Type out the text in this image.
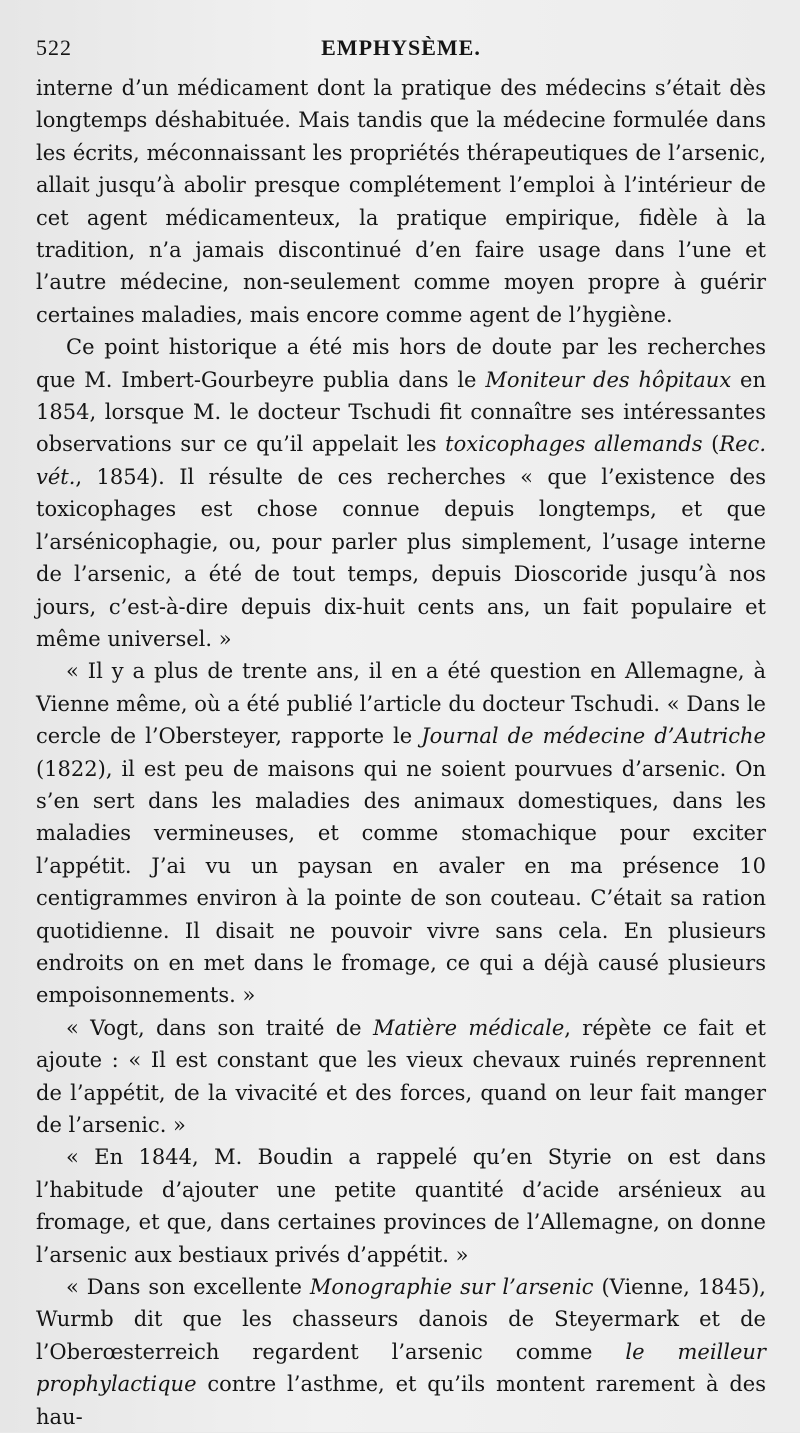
522	EMPHYSÈME.

interne d’un médicament dont la pratique des médecins s’était dès longtemps déshabituée. Mais tandis que la médecine formulée dans les écrits, méconnaissant les propriétés thérapeutiques de l’arsenic, allait jusqu’à abolir presque complétement l’emploi à l’intérieur de cet agent médicamenteux, la pratique empirique, fidèle à la tradition, n’a jamais discontinué d’en faire usage dans l’une et l’autre médecine, non-seulement comme moyen propre à guérir certaines maladies, mais encore comme agent de l’hygiène.

Ce point historique a été mis hors de doute par les recherches que M. Imbert-Gourbeyre publia dans le Moniteur des hôpitaux en 1854, lorsque M. le docteur Tschudi fit connaître ses intéressantes observations sur ce qu’il appelait les toxicophages allemands (Rec. vét., 1854). Il résulte de ces recherches « que l’existence des toxicophages est chose connue depuis longtemps, et que l’arsénicophagie, ou, pour parler plus simplement, l’usage interne de l’arsenic, a été de tout temps, depuis Dioscoride jusqu’à nos jours, c’est-à-dire depuis dix-huit cents ans, un fait populaire et même universel. »

« Il y a plus de trente ans, il en a été question en Allemagne, à Vienne même, où a été publié l’article du docteur Tschudi. « Dans le cercle de l’Obersteyer, rapporte le Journal de médecine d’Autriche (1822), il est peu de maisons qui ne soient pourvues d’arsenic. On s’en sert dans les maladies des animaux domestiques, dans les maladies vermineuses, et comme stomachique pour exciter l’appétit. J’ai vu un paysan en avaler en ma présence 10 centigrammes environ à la pointe de son couteau. C’était sa ration quotidienne. Il disait ne pouvoir vivre sans cela. En plusieurs endroits on en met dans le fromage, ce qui a déjà causé plusieurs empoisonnements. »

« Vogt, dans son traité de Matière médicale, répète ce fait et ajoute : « Il est constant que les vieux chevaux ruinés reprennent de l’appétit, de la vivacité et des forces, quand on leur fait manger de l’arsenic. »

« En 1844, M. Boudin a rappelé qu’en Styrie on est dans l’habitude d’ajouter une petite quantité d’acide arsénieux au fromage, et que, dans certaines provinces de l’Allemagne, on donne l’arsenic aux bestiaux privés d’appétit. »

« Dans son excellente Monographie sur l’arsenic (Vienne, 1845), Wurmb dit que les chasseurs danois de Steyermark et de l’Oberœsterreich regardent l’arsenic comme le meilleur prophylactique contre l’asthme, et qu’ils montent rarement à des hau-
